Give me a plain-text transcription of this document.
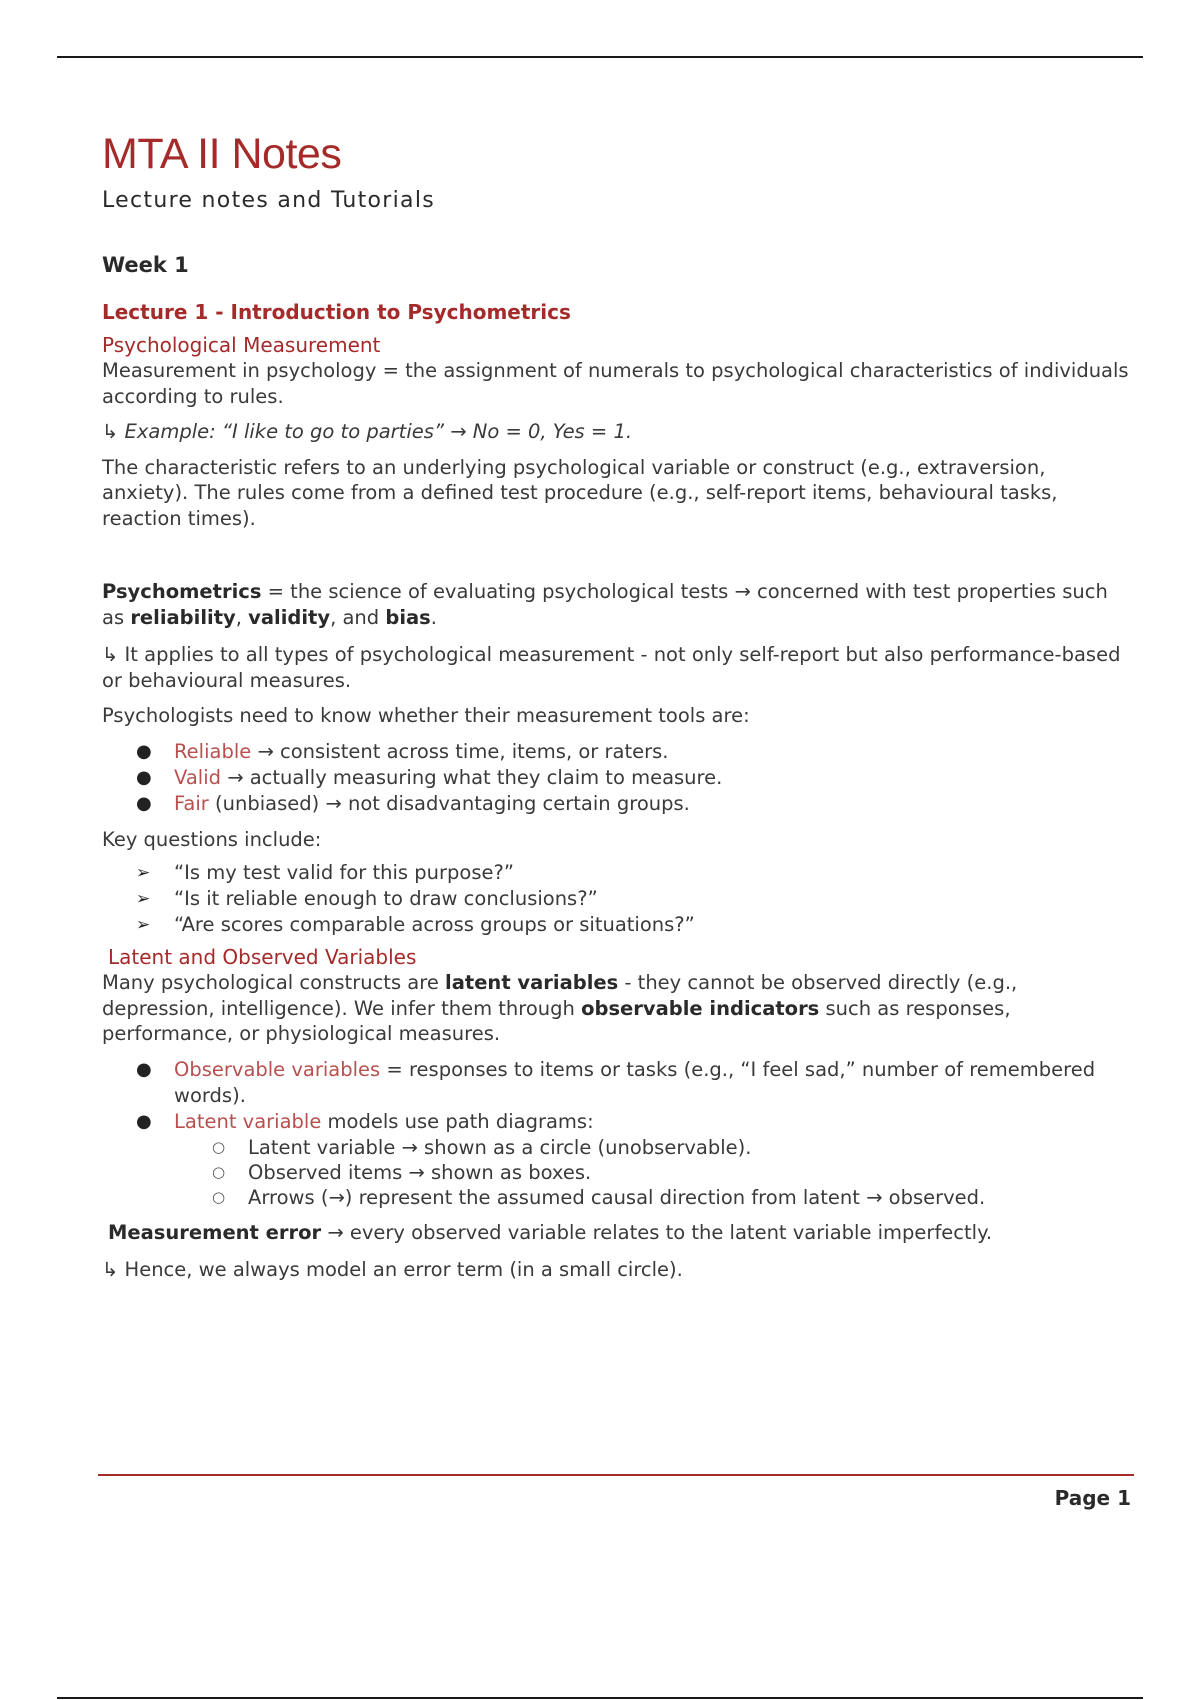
MTA II Notes
Lecture notes and Tutorials
Week 1
Lecture 1 - Introduction to Psychometrics
Psychological Measurement

Measurement in psychology = the assignment of numerals to psychological characteristics of individuals according to rules.

↳ Example: “I like to go to parties” → No = 0, Yes = 1.

The characteristic refers to an underlying psychological variable or construct (e.g., extraversion, anxiety). The rules come from a defined test procedure (e.g., self-report items, behavioural tasks, reaction times).

Psychometrics = the science of evaluating psychological tests → concerned with test properties such as reliability, validity, and bias.

↳ It applies to all types of psychological measurement - not only self-report but also performance-based or behavioural measures.

Psychologists need to know whether their measurement tools are:

● Reliable → consistent across time, items, or raters.
● Valid → actually measuring what they claim to measure.
● Fair (unbiased) → not disadvantaging certain groups.

Key questions include:

➢ “Is my test valid for this purpose?”
➢ “Is it reliable enough to draw conclusions?”
➢ “Are scores comparable across groups or situations?”
Latent and Observed Variables

Many psychological constructs are latent variables - they cannot be observed directly (e.g., depression, intelligence). We infer them through observable indicators such as responses, performance, or physiological measures.

● Observable variables = responses to items or tasks (e.g., “I feel sad,” number of remembered words).
● Latent variable models use path diagrams:
○ Latent variable → shown as a circle (unobservable).
○ Observed items → shown as boxes.
○ Arrows (→) represent the assumed causal direction from latent → observed.

Measurement error → every observed variable relates to the latent variable imperfectly.

↳ Hence, we always model an error term (in a small circle).

Page 1
